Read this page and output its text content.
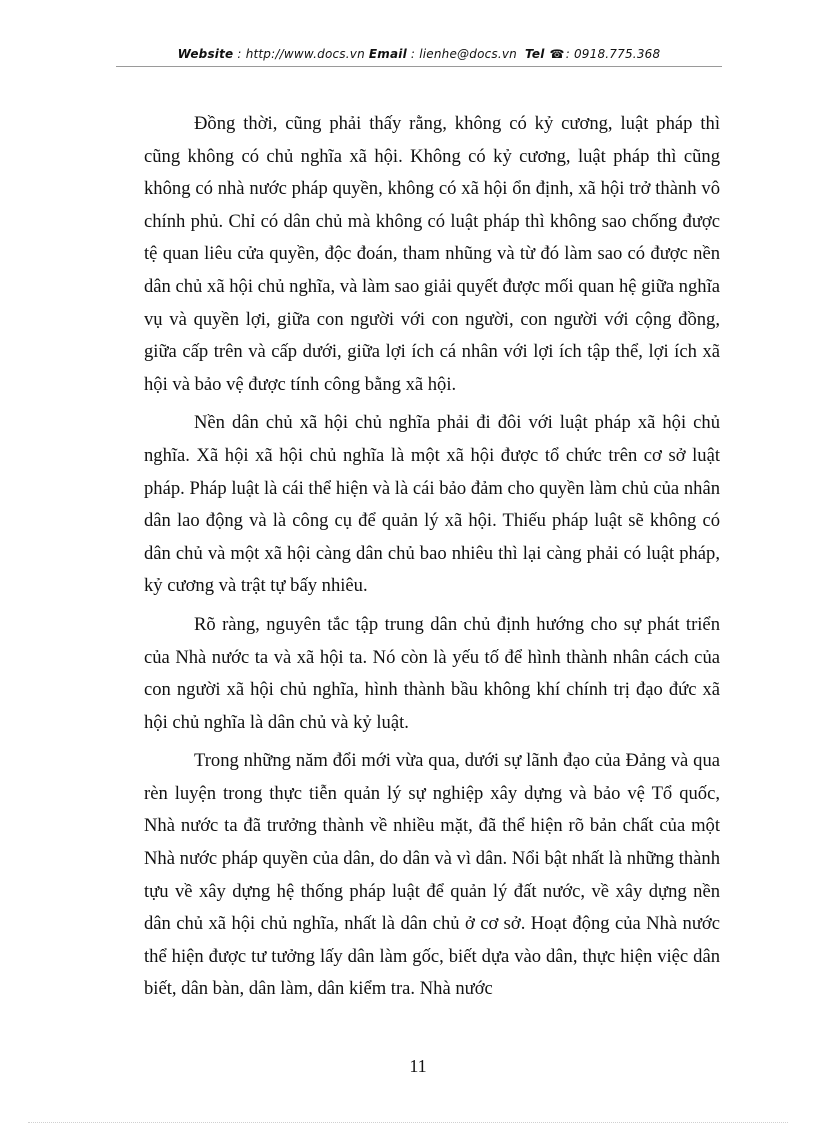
Website : http://www.docs.vn Email : lienhe@docs.vn Tel ☎: 0918.775.368

Đồng thời, cũng phải thấy rằng, không có kỷ cương, luật pháp thì cũng không có chủ nghĩa xã hội. Không có kỷ cương, luật pháp thì cũng không có nhà nước pháp quyền, không có xã hội ổn định, xã hội trở thành vô chính phủ. Chỉ có dân chủ mà không có luật pháp thì không sao chống được tệ quan liêu cửa quyền, độc đoán, tham nhũng và từ đó làm sao có được nền dân chủ xã hội chủ nghĩa, và làm sao giải quyết được mối quan hệ giữa nghĩa vụ và quyền lợi, giữa con người với con người, con người với cộng đồng, giữa cấp trên và cấp dưới, giữa lợi ích cá nhân với lợi ích tập thể, lợi ích xã hội và bảo vệ được tính công bằng xã hội.

Nền dân chủ xã hội chủ nghĩa phải đi đôi với luật pháp xã hội chủ nghĩa. Xã hội xã hội chủ nghĩa là một xã hội được tổ chức trên cơ sở luật pháp. Pháp luật là cái thể hiện và là cái bảo đảm cho quyền làm chủ của nhân dân lao động và là công cụ để quản lý xã hội. Thiếu pháp luật sẽ không có dân chủ và một xã hội càng dân chủ bao nhiêu thì lại càng phải có luật pháp, kỷ cương và trật tự bấy nhiêu.

Rõ ràng, nguyên tắc tập trung dân chủ định hướng cho sự phát triển của Nhà nước ta và xã hội ta. Nó còn là yếu tố để hình thành nhân cách của con người xã hội chủ nghĩa, hình thành bầu không khí chính trị đạo đức xã hội chủ nghĩa là dân chủ và kỷ luật.

Trong những năm đổi mới vừa qua, dưới sự lãnh đạo của Đảng và qua rèn luyện trong thực tiễn quản lý sự nghiệp xây dựng và bảo vệ Tổ quốc, Nhà nước ta đã trưởng thành về nhiều mặt, đã thể hiện rõ bản chất của một Nhà nước pháp quyền của dân, do dân và vì dân. Nổi bật nhất là những thành tựu về xây dựng hệ thống pháp luật để quản lý đất nước, về xây dựng nền dân chủ xã hội chủ nghĩa, nhất là dân chủ ở cơ sở. Hoạt động của Nhà nước thể hiện được tư tưởng lấy dân làm gốc, biết dựa vào dân, thực hiện việc dân biết, dân bàn, dân làm, dân kiểm tra. Nhà nước

11
